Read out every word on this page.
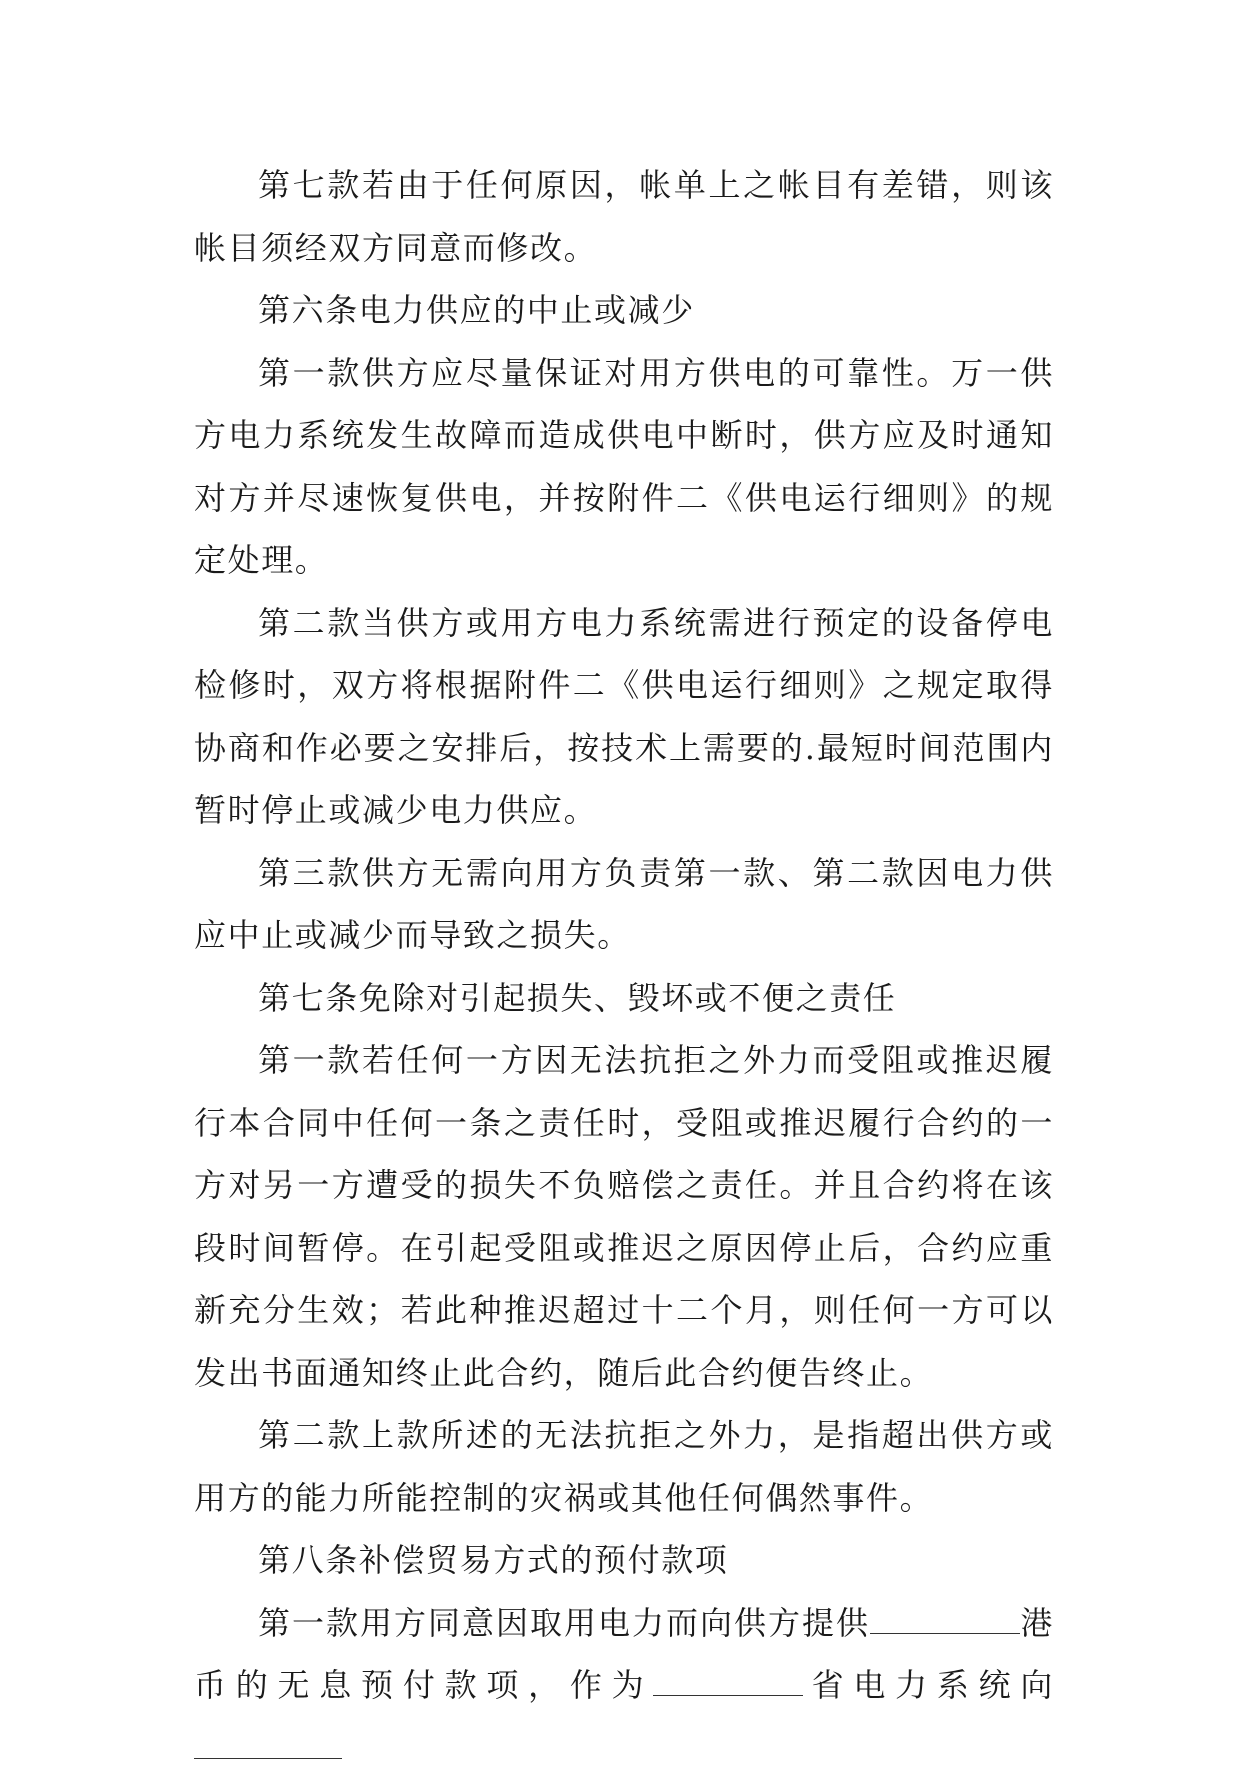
第七款若由于任何原因，帐单上之帐目有差错，则该帐目须经双方同意而修改。

第六条电力供应的中止或减少

第一款供方应尽量保证对用方供电的可靠性。万一供方电力系统发生故障而造成供电中断时，供方应及时通知对方并尽速恢复供电，并按附件二《供电运行细则》的规定处理。

第二款当供方或用方电力系统需进行预定的设备停电检修时，双方将根据附件二《供电运行细则》之规定取得协商和作必要之安排后，按技术上需要的.最短时间范围内暂时停止或减少电力供应。

第三款供方无需向用方负责第一款、第二款因电力供应中止或减少而导致之损失。

第七条免除对引起损失、毁坏或不便之责任

第一款若任何一方因无法抗拒之外力而受阻或推迟履行本合同中任何一条之责任时，受阻或推迟履行合约的一方对另一方遭受的损失不负赔偿之责任。并且合约将在该段时间暂停。在引起受阻或推迟之原因停止后，合约应重新充分生效；若此种推迟超过十二个月，则任何一方可以发出书面通知终止此合约，随后此合约便告终止。

第二款上款所述的无法抗拒之外力，是指超出供方或用方的能力所能控制的灾祸或其他任何偶然事件。

第八条补偿贸易方式的预付款项

第一款用方同意因取用电力而向供方提供	港币的无息预付款项，作为	省电力系统向
